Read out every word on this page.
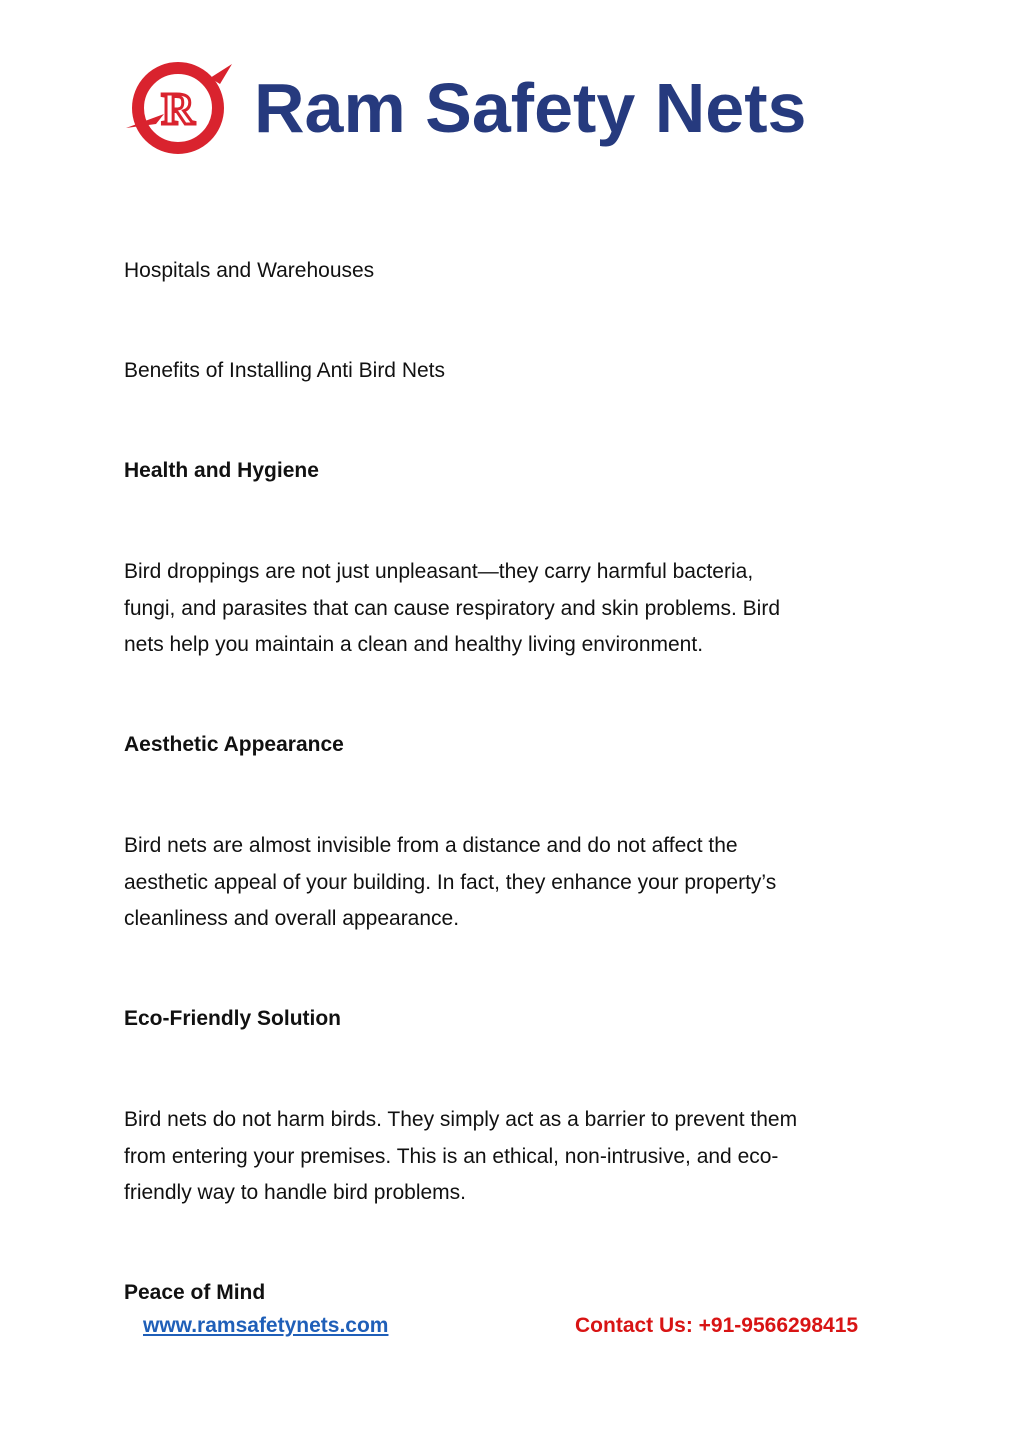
R Ram Safety Nets
Hospitals and Warehouses
Benefits of Installing Anti Bird Nets
Health and Hygiene

Bird droppings are not just unpleasant—they carry harmful bacteria,

fungi, and parasites that can cause respiratory and skin problems. Bird

nets help you maintain a clean and healthy living environment.

Aesthetic Appearance

Bird nets are almost invisible from a distance and do not affect the

aesthetic appeal of your building. In fact, they enhance your property’s

cleanliness and overall appearance.

Eco-Friendly Solution

Bird nets do not harm birds. They simply act as a barrier to prevent them

from entering your premises. This is an ethical, non-intrusive, and eco-

friendly way to handle bird problems.

Peace of Mind
www.ramsafetynets.com	Contact Us: +91-9566298415
